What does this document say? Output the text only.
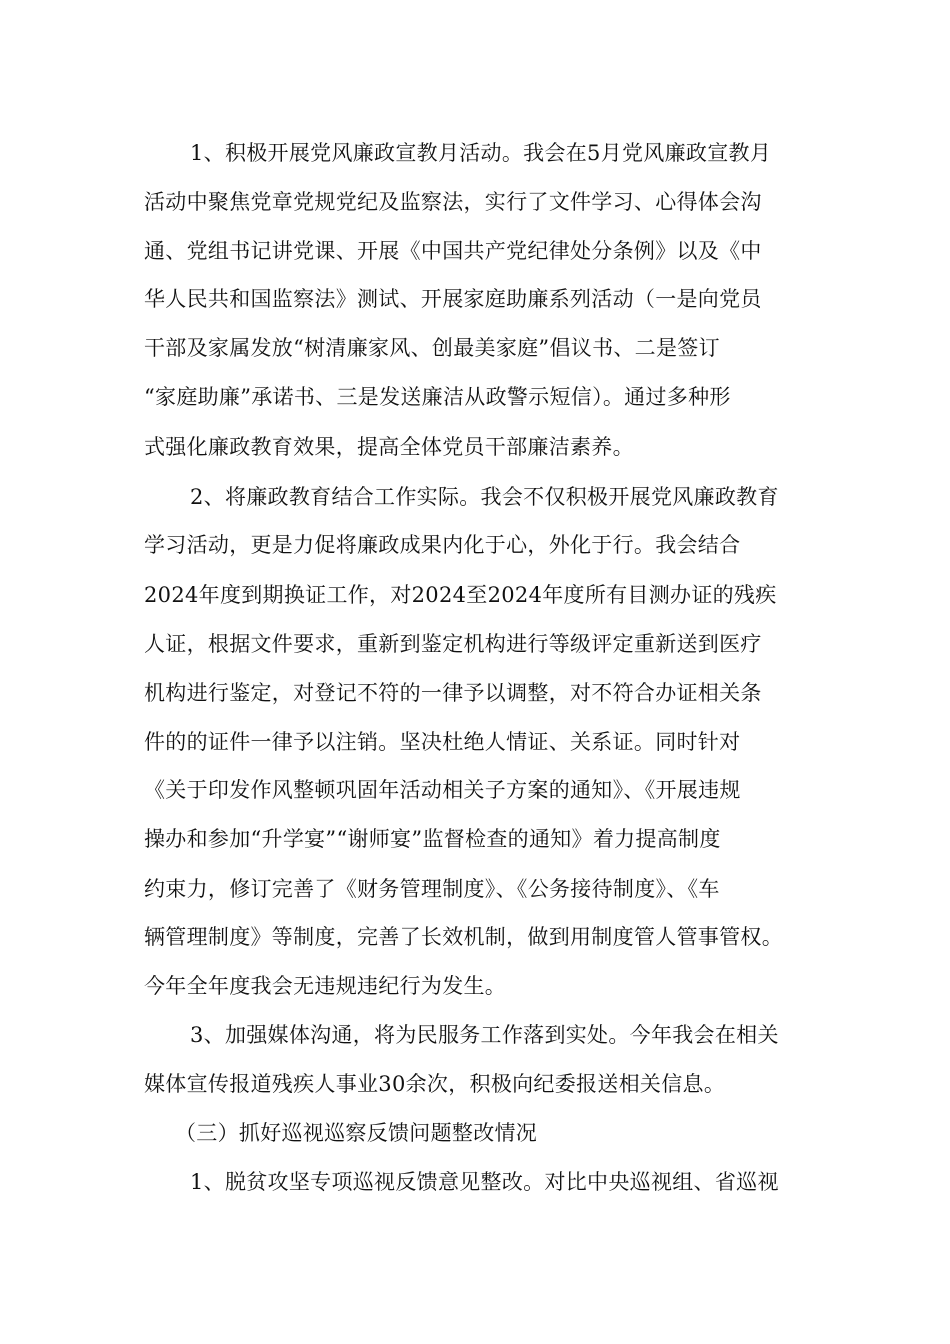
1、积极开展党风廉政宣教月活动。我会在5月党风廉政宣教月
活动中聚焦党章党规党纪及监察法，实行了文件学习、心得体会沟
通、党组书记讲党课、开展《中国共产党纪律处分条例》以及《中
华人民共和国监察法》测试、开展家庭助廉系列活动（一是向党员
干部及家属发放“树清廉家风、创最美家庭”倡议书、二是签订
“家庭助廉”承诺书、三是发送廉洁从政警示短信）。通过多种形
式强化廉政教育效果，提高全体党员干部廉洁素养。
2、将廉政教育结合工作实际。我会不仅积极开展党风廉政教育
学习活动，更是力促将廉政成果内化于心，外化于行。我会结合
2024年度到期换证工作，对2024至2024年度所有目测办证的残疾
人证，根据文件要求，重新到鉴定机构进行等级评定重新送到医疗
机构进行鉴定，对登记不符的一律予以调整，对不符合办证相关条
件的的证件一律予以注销。坚决杜绝人情证、关系证。同时针对
《关于印发作风整顿巩固年活动相关子方案的通知》、《开展违规
操办和参加“升学宴”“谢师宴”监督检查的通知》着力提高制度
约束力，修订完善了《财务管理制度》、《公务接待制度》、《车
辆管理制度》等制度，完善了长效机制，做到用制度管人管事管权。
今年全年度我会无违规违纪行为发生。
3、加强媒体沟通，将为民服务工作落到实处。今年我会在相关
媒体宣传报道残疾人事业30余次，积极向纪委报送相关信息。
（三）抓好巡视巡察反馈问题整改情况
1、脱贫攻坚专项巡视反馈意见整改。对比中央巡视组、省巡视
